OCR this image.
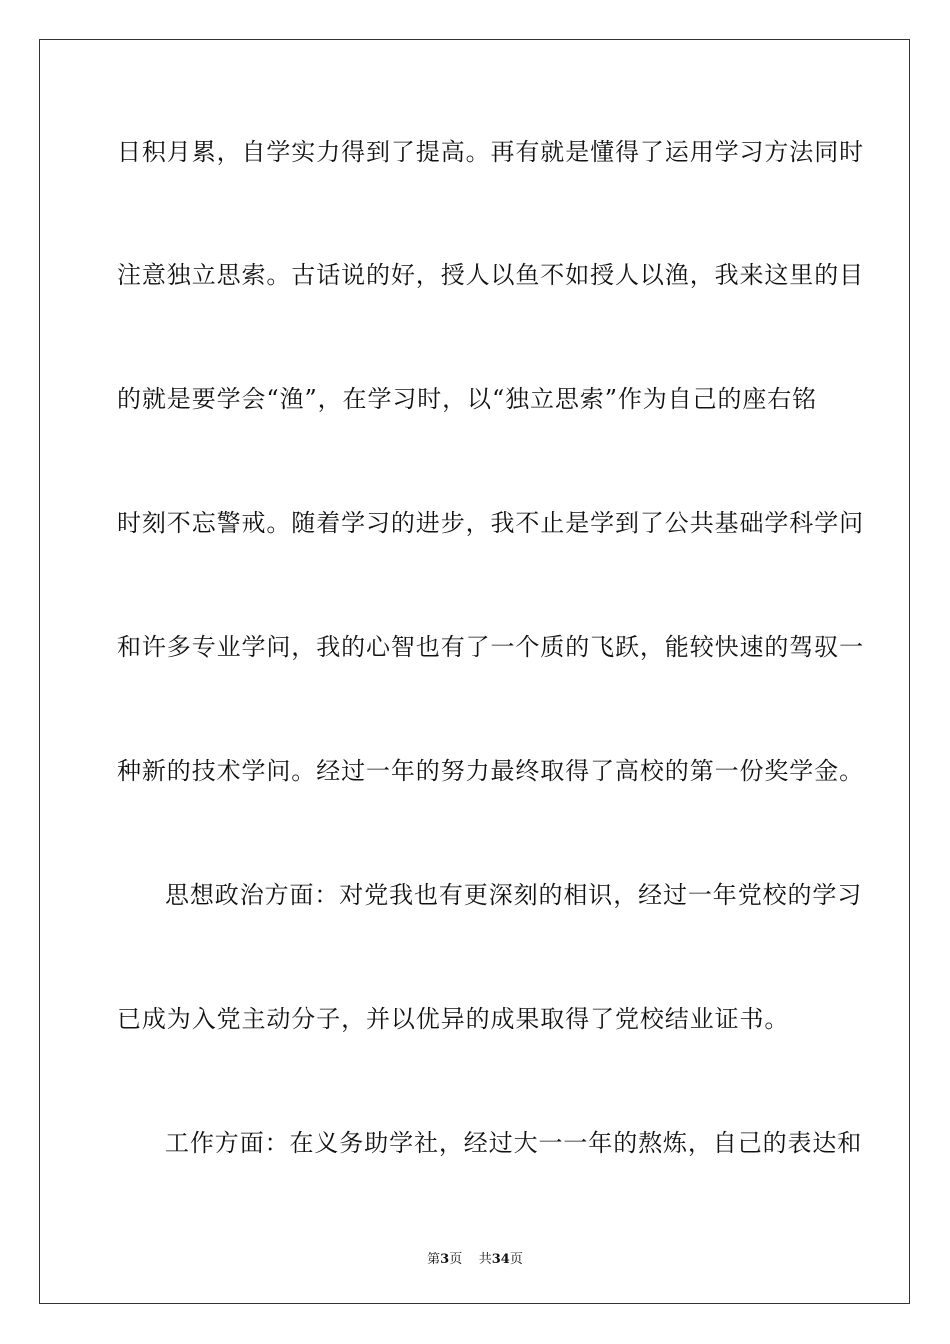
日积月累，自学实力得到了提高。再有就是懂得了运用学习方法同时
注意独立思索。古话说的好，授人以鱼不如授人以渔，我来这里的目
的就是要学会“渔”，在学习时，以“独立思索”作为自己的座右铭
时刻不忘警戒。随着学习的进步，我不止是学到了公共基础学科学问
和许多专业学问，我的心智也有了一个质的飞跃，能较快速的驾驭一
种新的技术学问。经过一年的努力最终取得了高校的第一份奖学金。
思想政治方面：对党我也有更深刻的相识，经过一年党校的学习
已成为入党主动分子，并以优异的成果取得了党校结业证书。
工作方面：在义务助学社，经过大一一年的熬炼，自己的表达和
第3页 共34页
